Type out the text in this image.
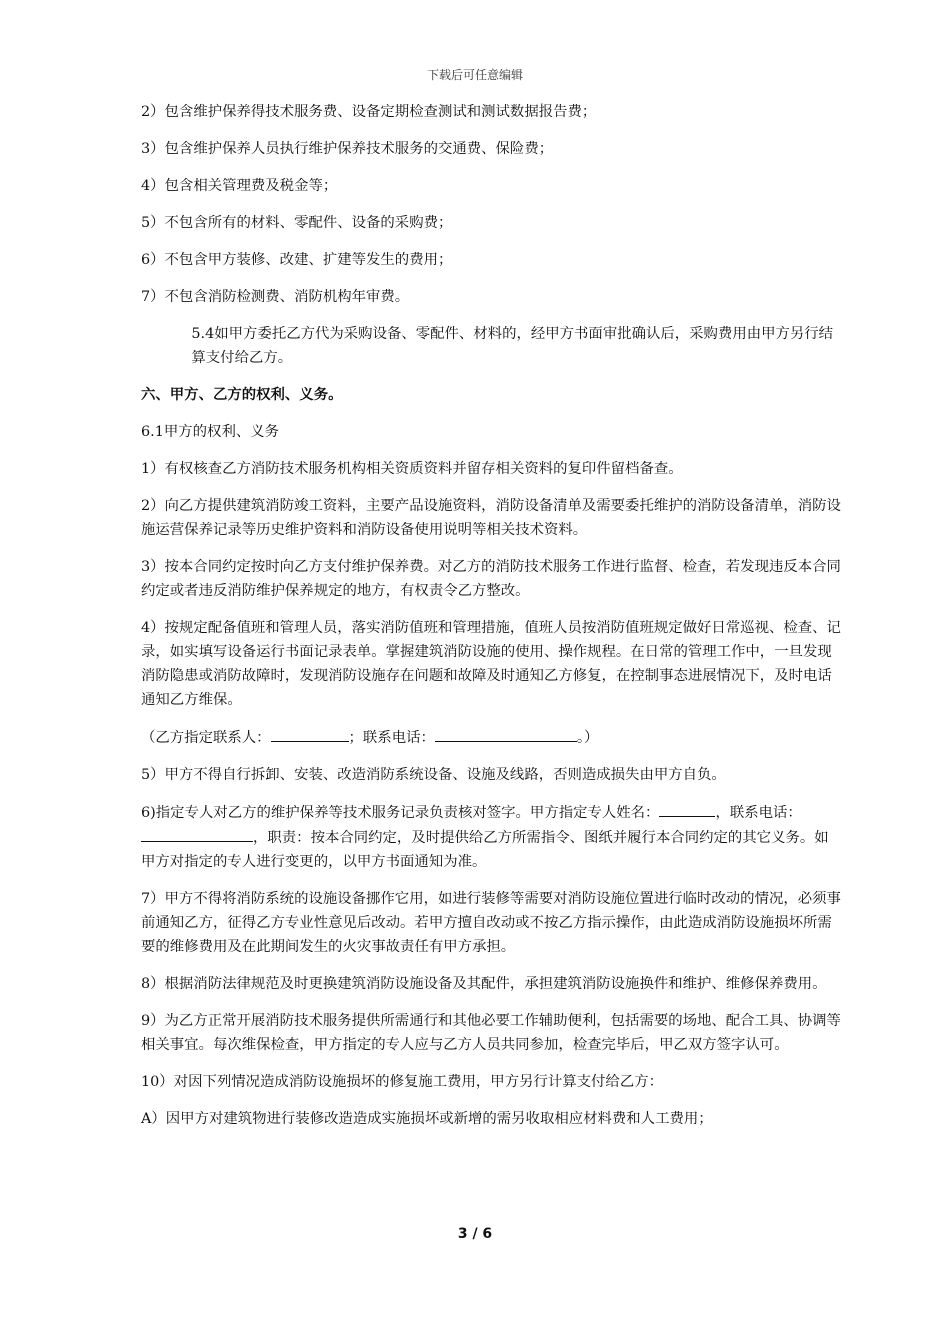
下载后可任意编辑

2）包含维护保养得技术服务费、设备定期检查测试和测试数据报告费；

3）包含维护保养人员执行维护保养技术服务的交通费、保险费；

4）包含相关管理费及税金等；

5）不包含所有的材料、零配件、设备的采购费；

6）不包含甲方装修、改建、扩建等发生的费用；

7）不包含消防检测费、消防机构年审费。

5.4如甲方委托乙方代为采购设备、零配件、材料的，经甲方书面审批确认后，采购费用由甲方另行结算支付给乙方。

六、甲方、乙方的权利、义务。

6.1甲方的权利、义务

1）有权核查乙方消防技术服务机构相关资质资料并留存相关资料的复印件留档备查。

2）向乙方提供建筑消防竣工资料，主要产品设施资料，消防设备清单及需要委托维护的消防设备清单，消防设施运营保养记录等历史维护资料和消防设备使用说明等相关技术资料。

3）按本合同约定按时向乙方支付维护保养费。对乙方的消防技术服务工作进行监督、检查，若发现违反本合同约定或者违反消防维护保养规定的地方，有权责令乙方整改。

4）按规定配备值班和管理人员，落实消防值班和管理措施，值班人员按消防值班规定做好日常巡视、检查、记录，如实填写设备运行书面记录表单。掌握建筑消防设施的使用、操作规程。在日常的管理工作中，一旦发现消防隐患或消防故障时，发现消防设施存在问题和故障及时通知乙方修复，在控制事态进展情况下，及时电话通知乙方维保。

（乙方指定联系人：	；联系电话：	。）

5）甲方不得自行拆卸、安装、改造消防系统设备、设施及线路，否则造成损失由甲方自负。

6)指定专人对乙方的维护保养等技术服务记录负责核对签字。甲方指定专人姓名：	，联系电话：，职责：按本合同约定，及时提供给乙方所需指令、图纸并履行本合同约定的其它义务。如甲方对指定的专人进行变更的，以甲方书面通知为准。

7）甲方不得将消防系统的设施设备挪作它用，如进行装修等需要对消防设施位置进行临时改动的情况，必须事前通知乙方，征得乙方专业性意见后改动。若甲方擅自改动或不按乙方指示操作，由此造成消防设施损坏所需要的维修费用及在此期间发生的火灾事故责任有甲方承担。

8）根据消防法律规范及时更换建筑消防设施设备及其配件，承担建筑消防设施换件和维护、维修保养费用。

9）为乙方正常开展消防技术服务提供所需通行和其他必要工作辅助便利，包括需要的场地、配合工具、协调等相关事宜。每次维保检查，甲方指定的专人应与乙方人员共同参加，检查完毕后，甲乙双方签字认可。

10）对因下列情况造成消防设施损坏的修复施工费用，甲方另行计算支付给乙方：

A）因甲方对建筑物进行装修改造造成实施损坏或新增的需另收取相应材料费和人工费用；

3 / 6
